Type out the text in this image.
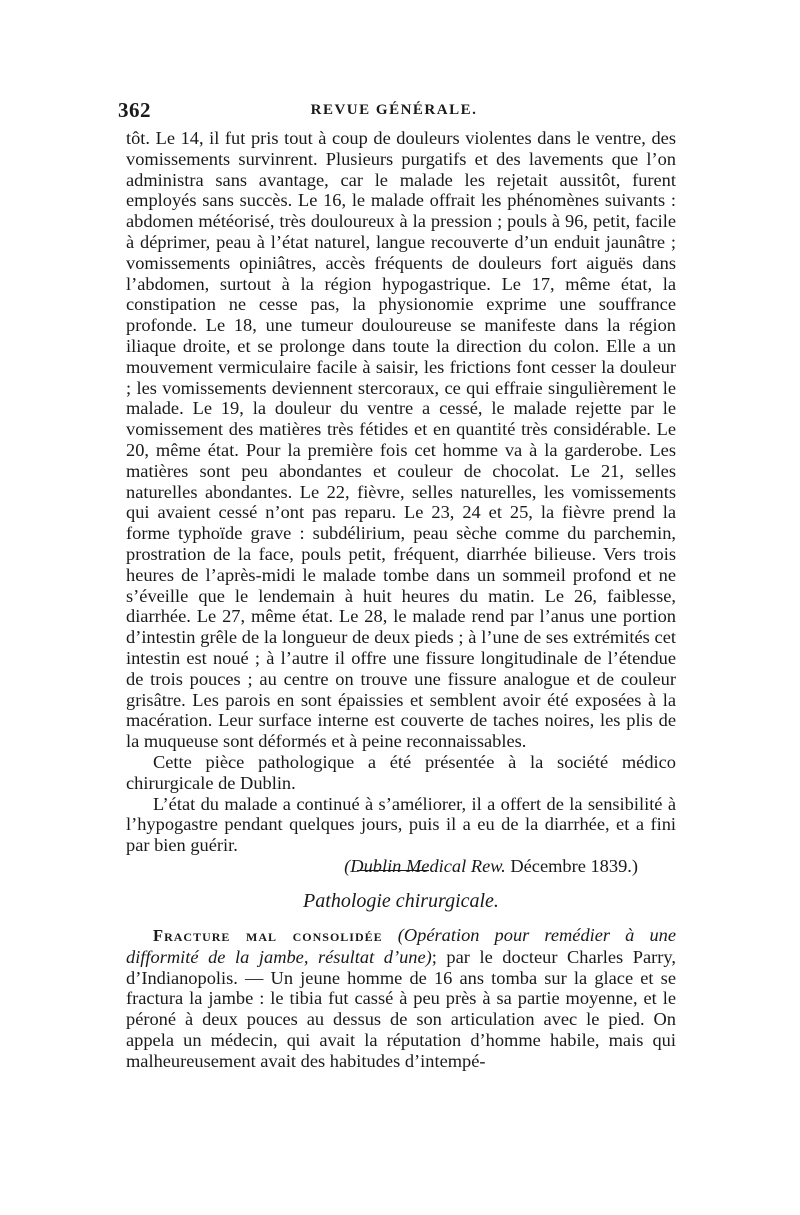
362	REVUE GÉNÉRALE.

tôt. Le 14, il fut pris tout à coup de douleurs violentes dans le ventre, des vomissements survinrent. Plusieurs purgatifs et des lavements que l’on administra sans avantage, car le malade les rejetait aussitôt, furent employés sans succès. Le 16, le malade offrait les phénomènes suivants : abdomen météorisé, très douloureux à la pression ; pouls à 96, petit, facile à déprimer, peau à l’état naturel, langue recouverte d’un enduit jaunâtre ; vomissements opiniâtres, accès fréquents de douleurs fort aiguës dans l’abdomen, surtout à la région hypogastrique. Le 17, même état, la constipation ne cesse pas, la physionomie exprime une souffrance profonde. Le 18, une tumeur douloureuse se manifeste dans la région iliaque droite, et se prolonge dans toute la direction du colon. Elle a un mouvement vermiculaire facile à saisir, les frictions font cesser la douleur ; les vomissements deviennent stercoraux, ce qui effraie singulièrement le malade. Le 19, la douleur du ventre a cessé, le malade rejette par le vomissement des matières très fétides et en quantité très considérable. Le 20, même état. Pour la première fois cet homme va à la garderobe. Les matières sont peu abondantes et couleur de chocolat. Le 21, selles naturelles abondantes. Le 22, fièvre, selles naturelles, les vomissements qui avaient cessé n’ont pas reparu. Le 23, 24 et 25, la fièvre prend la forme typhoïde grave : subdélirium, peau sèche comme du parchemin, prostration de la face, pouls petit, fréquent, diarrhée bilieuse. Vers trois heures de l’après-midi le malade tombe dans un sommeil profond et ne s’éveille que le lendemain à huit heures du matin. Le 26, faiblesse, diarrhée. Le 27, même état. Le 28, le malade rend par l’anus une portion d’intestin grêle de la longueur de deux pieds ; à l’une de ses extrémités cet intestin est noué ; à l’autre il offre une fissure longitudinale de l’étendue de trois pouces ; au centre on trouve une fissure analogue et de couleur grisâtre. Les parois en sont épaissies et semblent avoir été exposées à la macération. Leur surface interne est couverte de taches noires, les plis de la muqueuse sont déformés et à peine reconnaissables.

Cette pièce pathologique a été présentée à la société médico chirurgicale de Dublin.

L’état du malade a continué à s’améliorer, il a offert de la sensibilité à l’hypogastre pendant quelques jours, puis il a eu de la diarrhée, et a fini par bien guérir.

(Dublin Medical Rew. Décembre 1839.)

Pathologie chirurgicale.

Fracture mal consolidée (Opération pour remédier à une difformité de la jambe, résultat d’une); par le docteur Charles Parry, d’Indianopolis. — Un jeune homme de 16 ans tomba sur la glace et se fractura la jambe : le tibia fut cassé à peu près à sa partie moyenne, et le péroné à deux pouces au dessus de son articulation avec le pied. On appela un médecin, qui avait la réputation d’homme habile, mais qui malheureusement avait des habitudes d’intempé-
